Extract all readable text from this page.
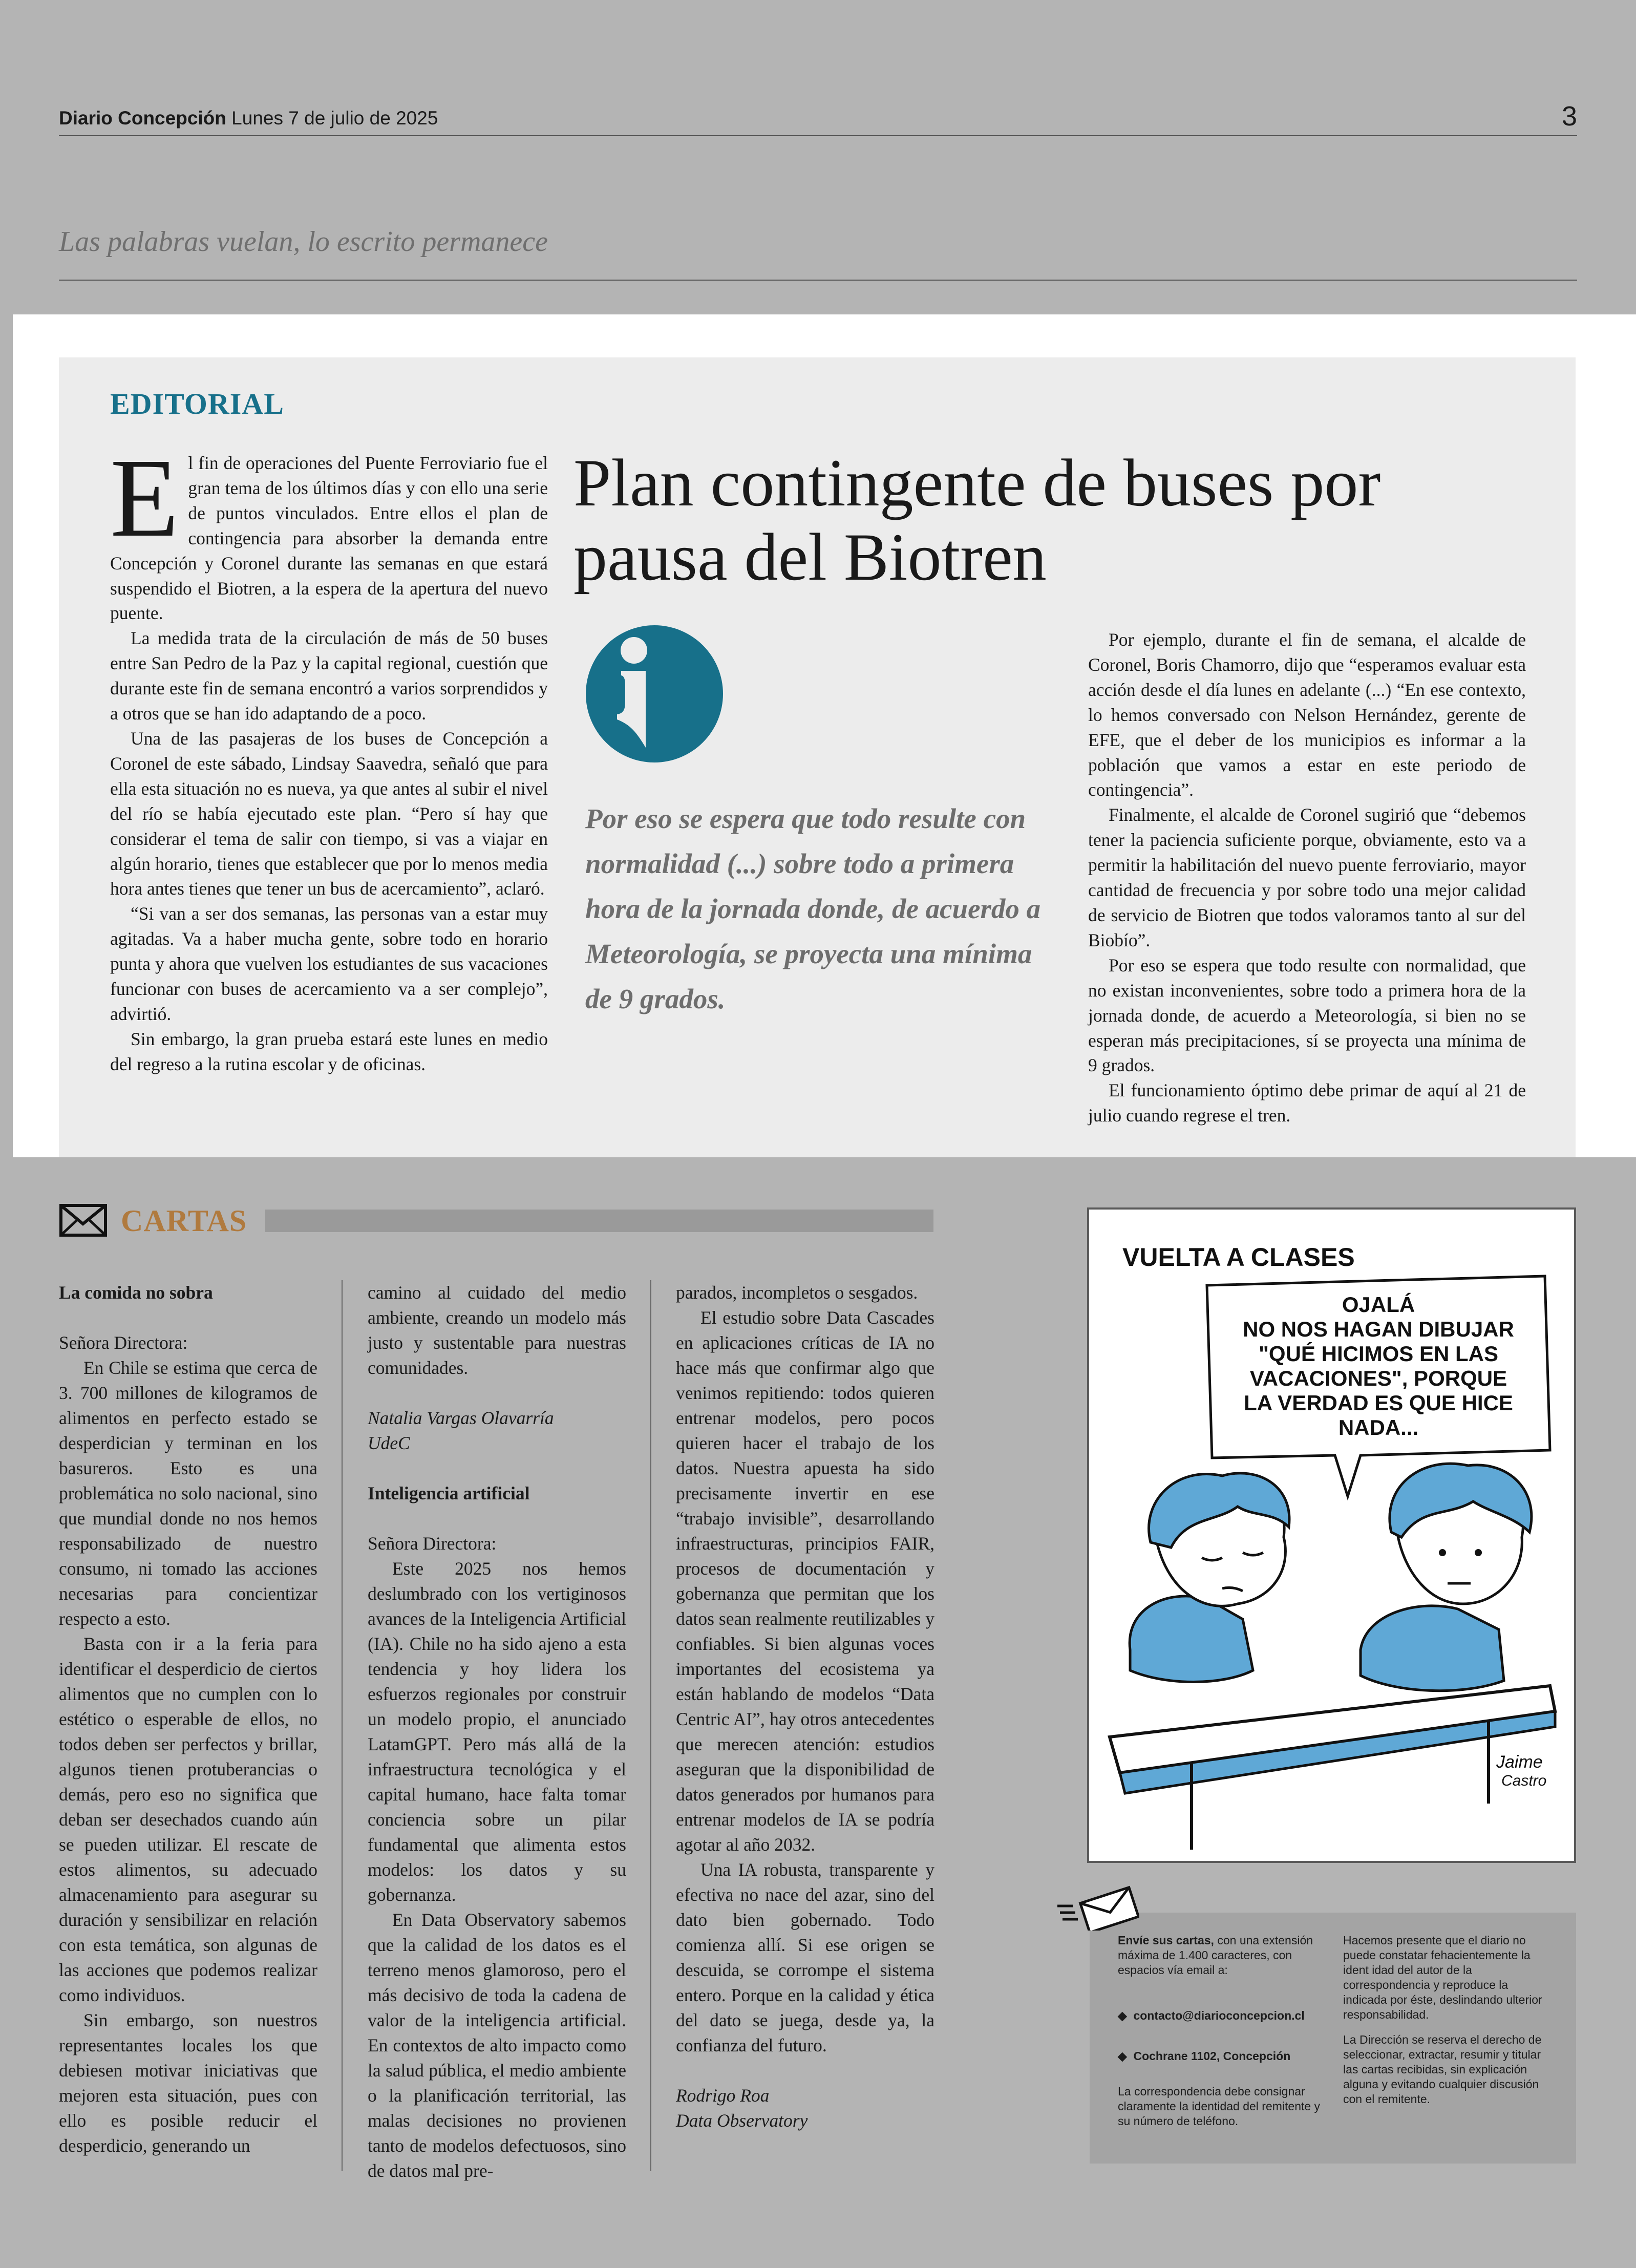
Diario Concepción Lunes 7 de julio de 2025	3
Las palabras vuelan, lo escrito permanece
EDITORIAL

El fin de operaciones del Puente Ferroviario fue el gran tema de los últimos días y con ello una serie de puntos vinculados. Entre ellos el plan de contingencia para absorber la demanda entre Concepción y Coronel durante las semanas en que estará suspendido el Biotren, a la espera de la apertura del nuevo puente.

La medida trata de la circulación de más de 50 buses entre San Pedro de la Paz y la capital regional, cuestión que durante este fin de semana encontró a varios sorprendidos y a otros que se han ido adaptando de a poco.

Una de las pasajeras de los buses de Concepción a Coronel de este sábado, Lindsay Saavedra, señaló que para ella esta situación no es nueva, ya que antes al subir el nivel del río se había ejecutado este plan. “Pero sí hay que considerar el tema de salir con tiempo, si vas a viajar en algún horario, tienes que establecer que por lo menos media hora antes tienes que tener un bus de acercamiento”, aclaró.

“Si van a ser dos semanas, las personas van a estar muy agitadas. Va a haber mucha gente, sobre todo en horario punta y ahora que vuelven los estudiantes de sus vacaciones funcionar con buses de acercamiento va a ser complejo”, advirtió.

Sin embargo, la gran prueba estará este lunes en medio del regreso a la rutina escolar y de oficinas.

Plan contingente de buses por pausa del Biotren
Por eso se espera que todo resulte con normalidad (...) sobre todo a primera hora de la jornada donde, de acuerdo a Meteorología, se proyecta una mínima de 9 grados.

Por ejemplo, durante el fin de semana, el alcalde de Coronel, Boris Chamorro, dijo que “esperamos evaluar esta acción desde el día lunes en adelante (...) “En ese contexto, lo hemos conversado con Nelson Hernández, gerente de EFE, que el deber de los municipios es informar a la población que vamos a estar en este periodo de contingencia”.

Finalmente, el alcalde de Coronel sugirió que “debemos tener la paciencia suficiente porque, obviamente, esto va a permitir la habilitación del nuevo puente ferroviario, mayor cantidad de frecuencia y por sobre todo una mejor calidad de servicio de Biotren que todos valoramos tanto al sur del Biobío”.

Por eso se espera que todo resulte con normalidad, que no existan inconvenientes, sobre todo a primera hora de la jornada donde, de acuerdo a Meteorología, si bien no se esperan más precipitaciones, sí se proyecta una mínima de 9 grados.

El funcionamiento óptimo debe primar de aquí al 21 de julio cuando regrese el tren.

CARTAS

La comida no sobra

Señora Directora:

En Chile se estima que cerca de 3. 700 millones de kilogramos de alimentos en perfecto estado se desperdician y terminan en los basureros. Esto es una problemática no solo nacional, sino que mundial donde no nos hemos responsabilizado de nuestro consumo, ni tomado las acciones necesarias para concientizar respecto a esto.

Basta con ir a la feria para identificar el desperdicio de ciertos alimentos que no cumplen con lo estético o esperable de ellos, no todos deben ser perfectos y brillar, algunos tienen protuberancias o demás, pero eso no significa que deban ser desechados cuando aún se pueden utilizar. El rescate de estos alimentos, su adecuado almacenamiento para asegurar su duración y sensibilizar en relación con esta temática, son algunas de las acciones que podemos realizar como individuos.

Sin embargo, son nuestros representantes locales los que debiesen motivar iniciativas que mejoren esta situación, pues con ello es posible reducir el desperdicio, generando un

camino al cuidado del medio ambiente, creando un modelo más justo y sustentable para nuestras comunidades.

Natalia Vargas Olavarría

UdeC

Inteligencia artificial

Señora Directora:

Este 2025 nos hemos deslumbrado con los vertiginosos avances de la Inteligencia Artificial (IA). Chile no ha sido ajeno a esta tendencia y hoy lidera los esfuerzos regionales por construir un modelo propio, el anunciado LatamGPT. Pero más allá de la infraestructura tecnológica y el capital humano, hace falta tomar conciencia sobre un pilar fundamental que alimenta estos modelos: los datos y su gobernanza.

En Data Observatory sabemos que la calidad de los datos es el terreno menos glamoroso, pero el más decisivo de toda la cadena de valor de la inteligencia artificial. En contextos de alto impacto como la salud pública, el medio ambiente o la planificación territorial, las malas decisiones no provienen tanto de modelos defectuosos, sino de datos mal pre-

parados, incompletos o sesgados.

El estudio sobre Data Cascades en aplicaciones críticas de IA no hace más que confirmar algo que venimos repitiendo: todos quieren entrenar modelos, pero pocos quieren hacer el trabajo de los datos. Nuestra apuesta ha sido precisamente invertir en ese “trabajo invisible”, desarrollando infraestructuras, principios FAIR, procesos de documentación y gobernanza que permitan que los datos sean realmente reutilizables y confiables. Si bien algunas voces importantes del ecosistema ya están hablando de modelos “Data Centric AI”, hay otros antecedentes que merecen atención: estudios aseguran que la disponibilidad de datos generados por humanos para entrenar modelos de IA se podría agotar al año 2032.

Una IA robusta, transparente y efectiva no nace del azar, sino del dato bien gobernado. Todo comienza allí. Si ese origen se descuida, se corrompe el sistema entero. Porque en la calidad y ética del dato se juega, desde ya, la confianza del futuro.

Rodrigo Roa

Data Observatory

VUELTA A CLASES
OJALÁ
NO NOS HAGAN DIBUJAR
"QUÉ HICIMOS EN LAS
VACACIONES", PORQUE
LA VERDAD ES QUE HICE
NADA...
Jaime
Castro
Envíe sus cartas, con una extensión máxima de 1.400 caracteres, con espacios vía email a:
◆  contacto@diarioconcepcion.cl
◆  Cochrane 1102, Concepción
La correspondencia debe consignar claramente la identidad del remitente y su número de teléfono.
Hacemos presente que el diario no puede constatar fehacientemente la ident idad del autor de la correspondencia y reproduce la indicada por éste, deslindando ulterior responsabilidad.
La Dirección se reserva el derecho de seleccionar, extractar, resumir y titular las cartas recibidas, sin explicación alguna y evitando cualquier discusión con el remitente.
